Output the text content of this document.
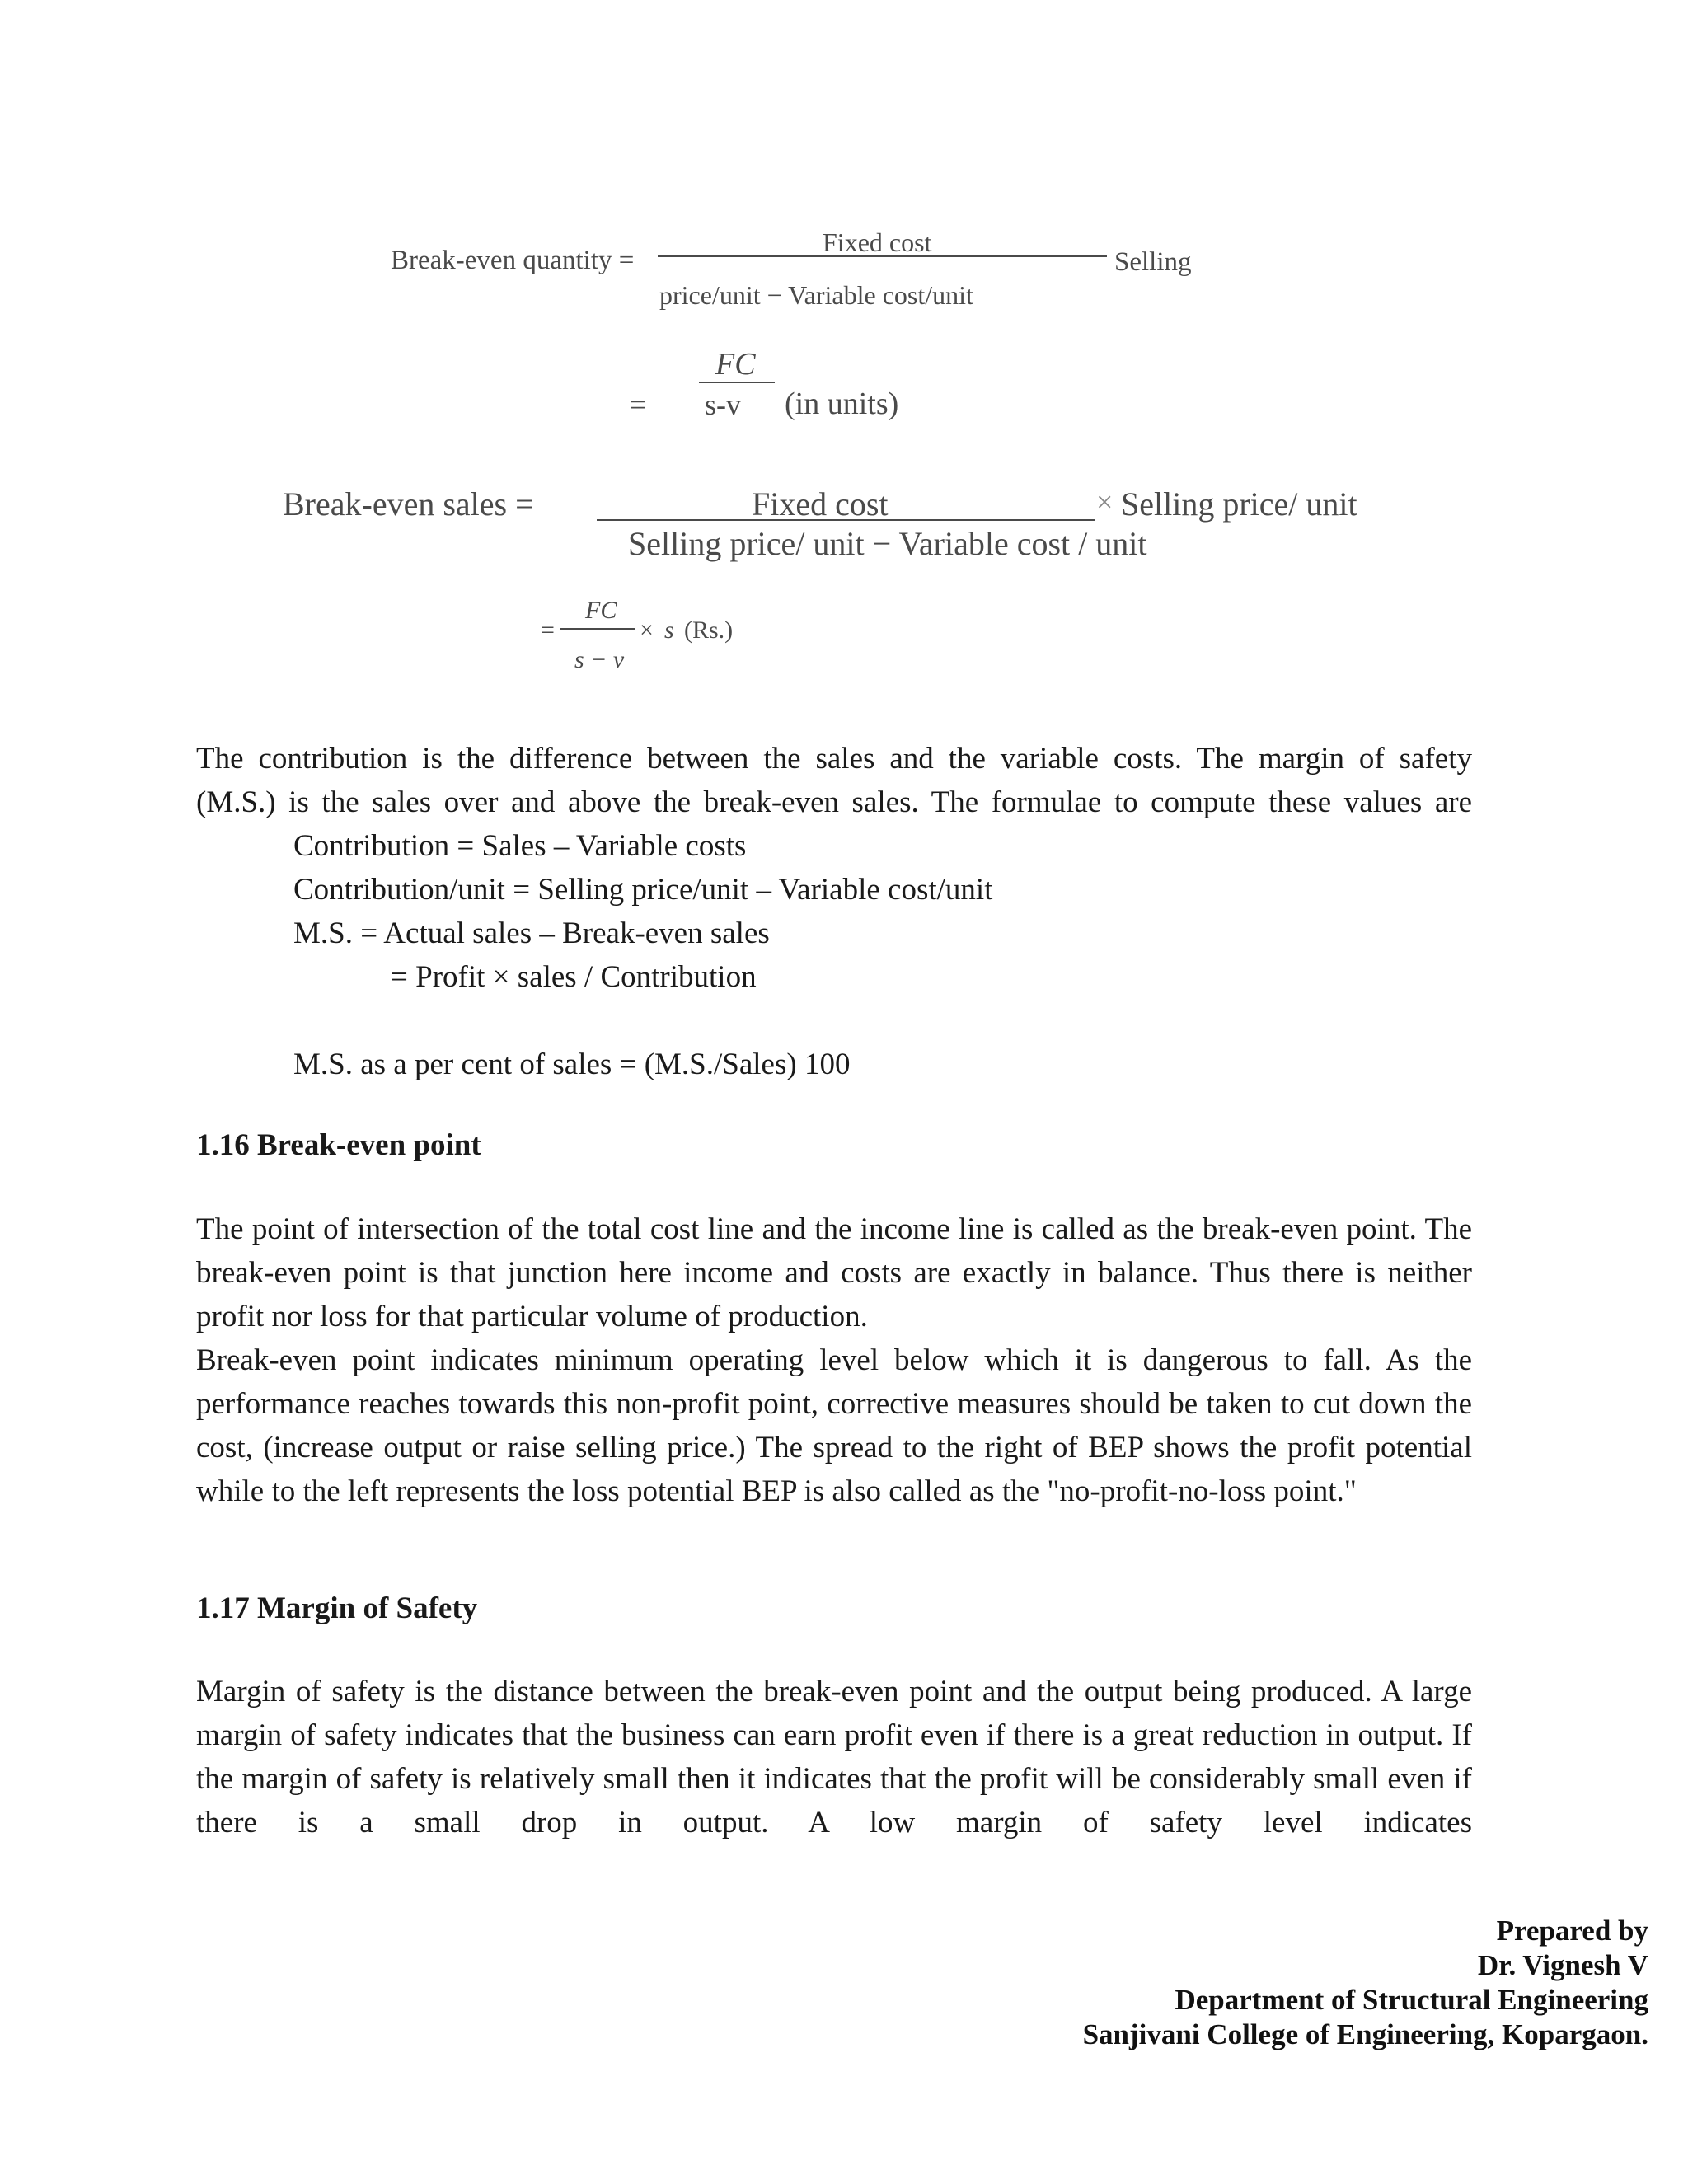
Break-even quantity =
Fixed cost
Selling
price/unit − Variable cost/unit
=
FC
s-v (in units)
Break-even sales =	Fixed cost	× Selling price/ unit
Selling price/ unit − Variable cost / unit
=
FC
s − v
× s (Rs.)

The contribution is the difference between the sales and the variable costs. The margin of safety

(M.S.) is the sales over and above the break-even sales. The formulae to compute these values are

Contribution = Sales – Variable costs
Contribution/unit = Selling price/unit – Variable cost/unit
M.S. = Actual sales – Break-even sales
= Profit × sales / Contribution
M.S. as a per cent of sales = (M.S./Sales) 100
1.16 Break-even point

The point of intersection of the total cost line and the income line is called as the break-even point. The break-even point is that junction here income and costs are exactly in balance. Thus there is neither profit nor loss for that particular volume of production.

Break-even point indicates minimum operating level below which it is dangerous to fall. As the performance reaches towards this non-profit point, corrective measures should be taken to cut down the cost, (increase output or raise selling price.) The spread to the right of BEP shows the profit potential while to the left represents the loss potential BEP is also called as the "no-profit-no-loss point."

1.17 Margin of Safety

Margin of safety is the distance between the break-even point and the output being produced. A large margin of safety indicates that the business can earn profit even if there is a great reduction in output. If the margin of safety is relatively small then it indicates that the profit will be considerably small even if there is a small drop in output. A low margin of safety level indicates

Prepared by
Dr. Vignesh V
Department of Structural Engineering
Sanjivani College of Engineering, Kopargaon.
